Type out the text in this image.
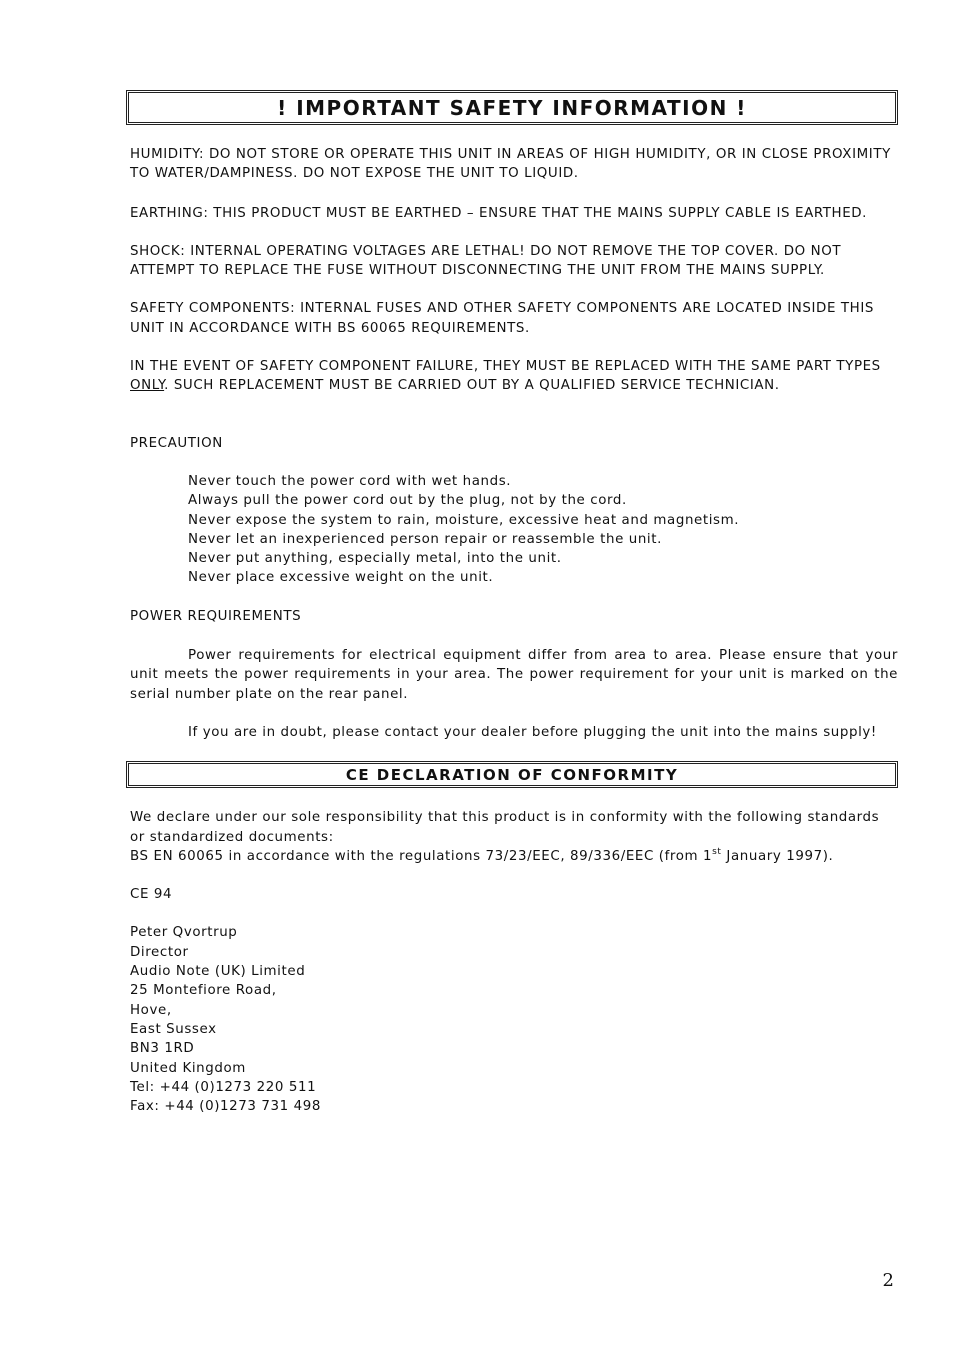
! IMPORTANT SAFETY INFORMATION !

HUMIDITY: DO NOT STORE OR OPERATE THIS UNIT IN AREAS OF HIGH HUMIDITY, OR IN CLOSE PROXIMITY TO WATER/DAMPINESS. DO NOT EXPOSE THE UNIT TO LIQUID.

EARTHING: THIS PRODUCT MUST BE EARTHED – ENSURE THAT THE MAINS SUPPLY CABLE IS EARTHED.

SHOCK: INTERNAL OPERATING VOLTAGES ARE LETHAL! DO NOT REMOVE THE TOP COVER. DO NOT ATTEMPT TO REPLACE THE FUSE WITHOUT DISCONNECTING THE UNIT FROM THE MAINS SUPPLY.

SAFETY COMPONENTS: INTERNAL FUSES AND OTHER SAFETY COMPONENTS ARE LOCATED INSIDE THIS UNIT IN ACCORDANCE WITH BS 60065 REQUIREMENTS.

IN THE EVENT OF SAFETY COMPONENT FAILURE, THEY MUST BE REPLACED WITH THE SAME PART TYPES ONLY. SUCH REPLACEMENT MUST BE CARRIED OUT BY A QUALIFIED SERVICE TECHNICIAN.

PRECAUTION

Never touch the power cord with wet hands.

Always pull the power cord out by the plug, not by the cord.

Never expose the system to rain, moisture, excessive heat and magnetism.

Never let an inexperienced person repair or reassemble the unit.

Never put anything, especially metal, into the unit.

Never place excessive weight on the unit.

POWER REQUIREMENTS

Power requirements for electrical equipment differ from area to area. Please ensure that your unit meets the power requirements in your area. The power requirement for your unit is marked on the serial number plate on the rear panel.

If you are in doubt, please contact your dealer before plugging the unit into the mains supply!

CE DECLARATION OF CONFORMITY

We declare under our sole responsibility that this product is in conformity with the following standards or standardized documents:

BS EN 60065 in accordance with the regulations 73/23/EEC, 89/336/EEC (from 1st January 1997).

CE 94

Peter Qvortrup

Director

Audio Note (UK) Limited

25 Montefiore Road,

Hove,

East Sussex

BN3 1RD

United Kingdom

Tel: +44 (0)1273 220 511

Fax: +44 (0)1273 731 498

2
